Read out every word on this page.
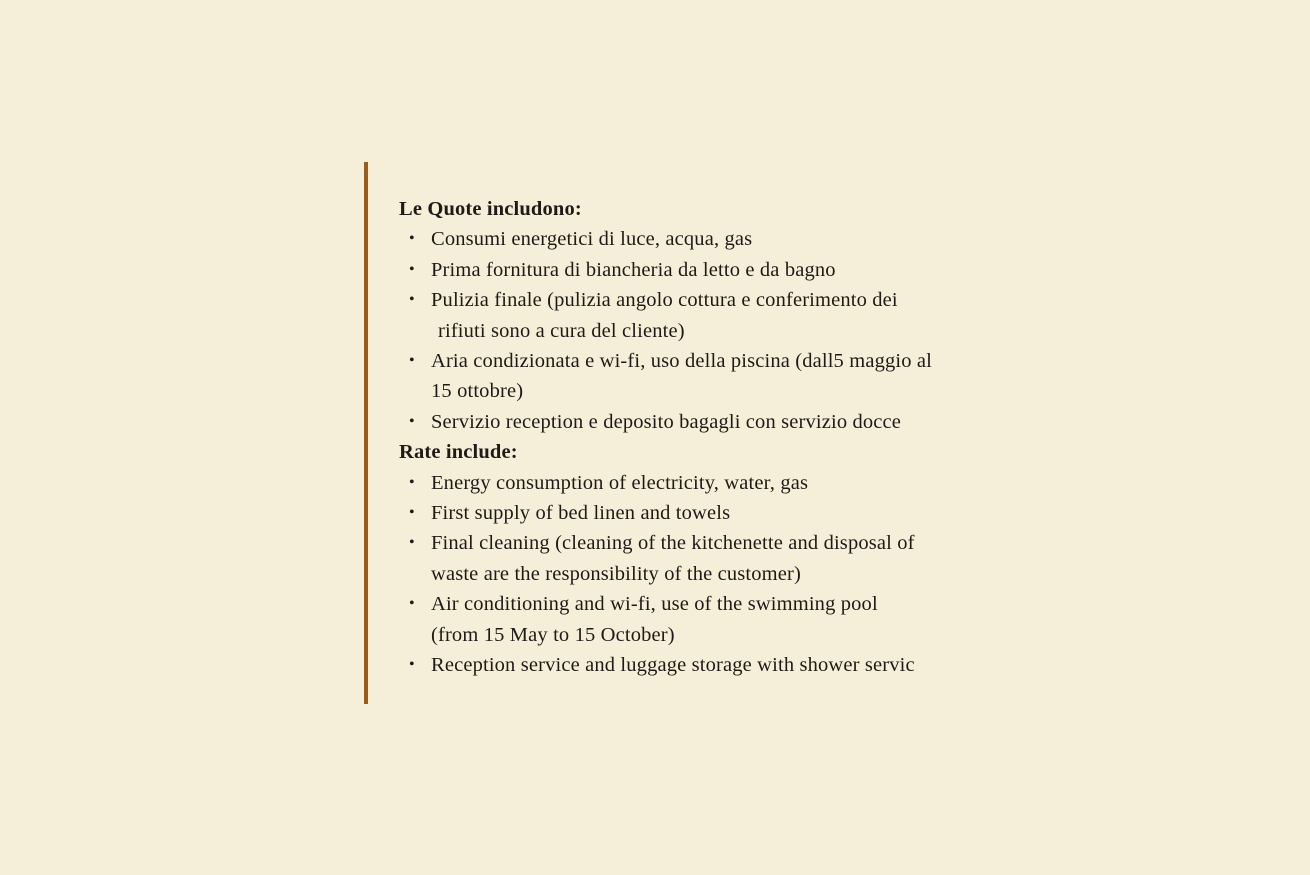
Le Quote includono:

• Consumi energetici di luce, acqua, gas
• Prima fornitura di biancheria da letto e da bagno
• Pulizia finale (pulizia angolo cottura e conferimento dei
rifiuti sono a cura del cliente)
• Aria condizionata e wi-fi, uso della piscina (dall5 maggio al
15 ottobre)
• Servizio reception e deposito bagagli con servizio docce

Rate include:

• Energy consumption of electricity, water, gas
• First supply of bed linen and towels
• Final cleaning (cleaning of the kitchenette and disposal of
waste are the responsibility of the customer)
• Air conditioning and wi-fi, use of the swimming pool
(from 15 May to 15 October)
• Reception service and luggage storage with shower servic
